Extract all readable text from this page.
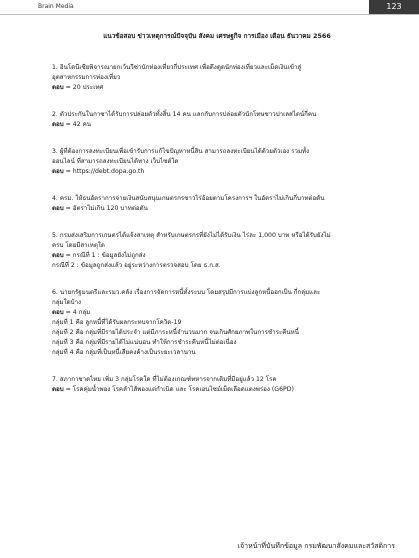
Brain Media	123

แนวข้อสอบ ข่าวเหตุการณ์ปัจจุบัน สังคม เศรษฐกิจ การเมือง เดือน ธันวาคม 2566

1. อินโดนีเซียพิจารณายกเว้นวีซ่านักท่องเที่ยวกี่ประเทศ เพื่อดึงดูดนักท่องเที่ยวและเม็ดเงินเข้าสู่

อุตสาหกรรมการท่องเที่ยว

ตอบ = 20 ประเทศ

2. ตัวประกันในกาซาได้รับการปล่อยตัวทั้งสิ้น 14 คน แลกกับการปล่อยตัวนักโทษชาวปาเลสไตน์กี่คน

ตอบ = 42 คน

3. ผู้ที่ต้องการลงทะเบียนเพื่อเข้ารับการแก้ไขปัญหาหนี้สิน สามารถลงทะเบียนได้ด้วยตัวเอง รวมทั้ง

ออนไลน์ ที่สามารถลงทะเบียนได้ทาง เว็บไซต์ใด

ตอบ = https://debt.dopa.go.th

4. ครม. ให้ธนอัตราการจ่ายเงินสนับสนุนเกษตรกรชาวไร่อ้อยตามโครงการฯ ในอัตราไม่เกินกี่บาทต่อตัน

ตอบ = อัตราไม่เกิน 120 บาทต่อตัน

5. กรมส่งเสริมการเกษตรได้แจ้งสาเหตุ สำหรับเกษตรกรที่ยังไม่ได้รับเงิน ไร่ละ 1,000 บาท หรือได้รับยังไม่

ครบ โดยมีสาเหตุใด

ตอบ = กรณีที่ 1 : ข้อมูลยังไม่ถูกส่ง

กรณีที่ 2 : ข้อมูลถูกส่งแล้ว อยู่ระหว่างการตรวจสอบ โดย ธ.ก.ส.

6. นายกรัฐมนตรีและรมว.คลัง เรื่องการจัดการหนี้ทั้งระบบ โดยสรุปมีการแบ่งลูกหนี้ออกเป็น กี่กลุ่มและ

กลุ่มใดบ้าง

ตอบ = 4 กลุ่ม

กลุ่มที่ 1 คือ ลูกหนี้ที่ได้รับผลกระทบจากโควิด-19

กลุ่มที่ 2 คือ กลุ่มที่มีรายได้ประจำ แต่มีภาระหนี้จำนวนมาก จนเกินศักยภาพในการชำระคืนหนี้

กลุ่มที่ 3 คือ กลุ่มที่มีรายได้ไม่แน่นอน ทำให้การชำระคืนหนี้ไม่ต่อเนื่อง

กลุ่มที่ 4 คือ กลุ่มที่เป็นหนี้เสียคงค้างเป็นระยะเวลานาน

7. สภากาชาดไทย เพิ่ม 3 กลุ่มโรคใด ที่ไม่ต้องเกณฑ์ทหารจากเดิมที่มีอยู่แล้ว 12 โรค

ตอบ = โรคคุ่มน้ำพอง โรคลำไส้พองแต่กำเนิด และ โรคเอนไซม์เม็ดเลือดแดงพร่อง (G6PD)

เจ้าหน้าที่บันทึกข้อมูล กรมพัฒนาสังคมและสวัสดิการ
